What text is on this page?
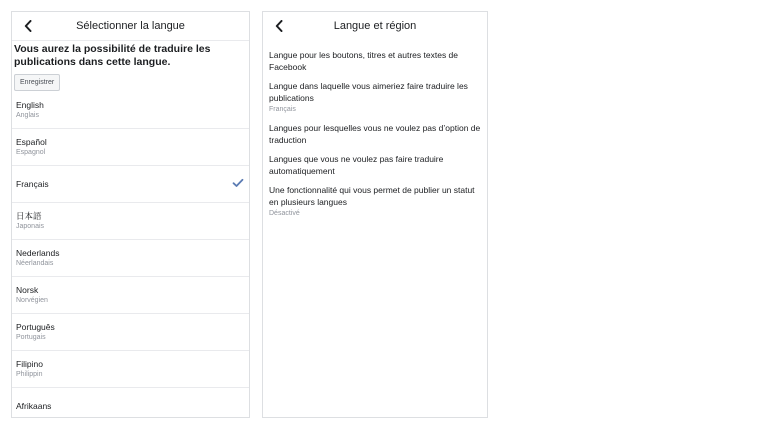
Sélectionner la langue
Vous aurez la possibilité de traduire les publications dans cette langue.
Enregistrer
English
Anglais
Español
Espagnol
Français
日本語
Japonais
Nederlands
Néerlandais
Norsk
Norvégien
Português
Portugais
Filipino
Philippin
Afrikaans
Langue et région
Langue pour les boutons, titres et autres textes de Facebook
Langue dans laquelle vous aimeriez faire traduire les publications
Français
Langues pour lesquelles vous ne voulez pas d’option de traduction
Langues que vous ne voulez pas faire traduire automatiquement
Une fonctionnalité qui vous permet de publier un statut en plusieurs langues
Désactivé
